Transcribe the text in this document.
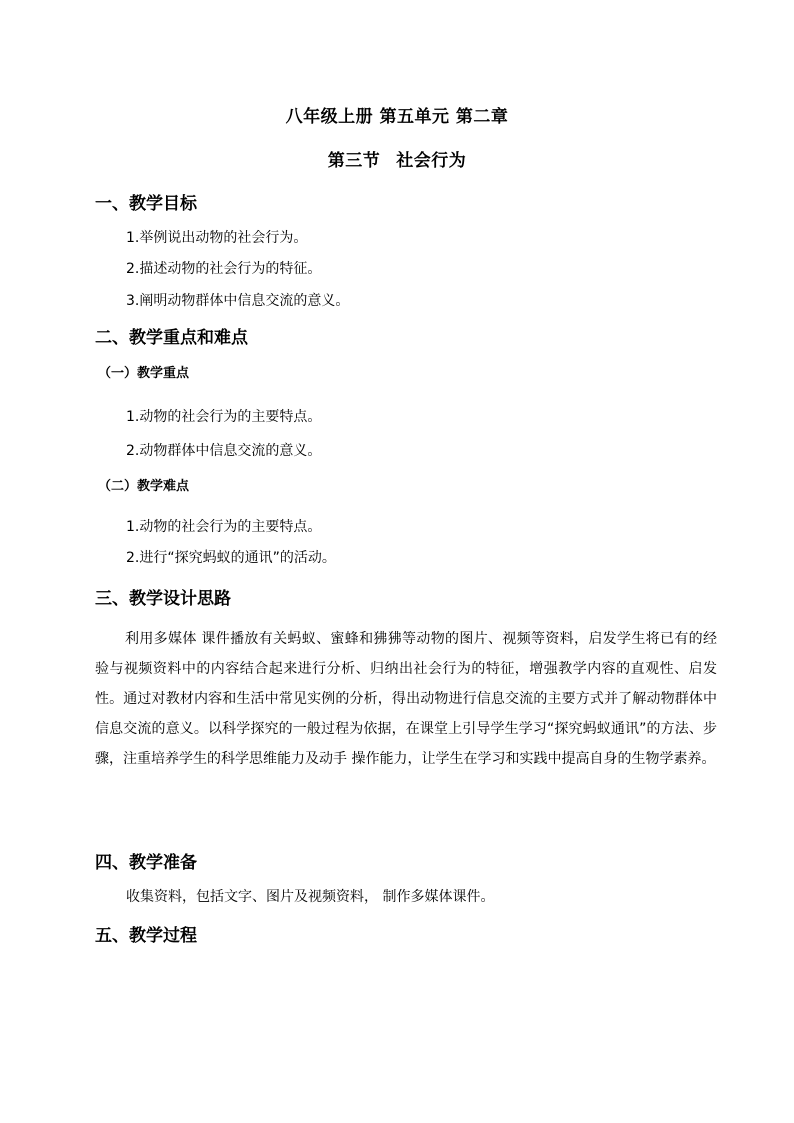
八年级上册 第五单元 第二章
第三节 社会行为
一、教学目标
1.举例说出动物的社会行为。
2.描述动物的社会行为的特征。
3.阐明动物群体中信息交流的意义。
二、教学重点和难点
（一）教学重点
1.动物的社会行为的主要特点。
2.动物群体中信息交流的意义。
（二）教学难点
1.动物的社会行为的主要特点。
2.进行“探究蚂蚁的通讯”的活动。
三、教学设计思路
利用多媒体 课件播放有关蚂蚁、蜜蜂和狒狒等动物的图片、视频等资料，启发学生将已有的经验与视频资料中的内容结合起来进行分析、归纳出社会行为的特征，增强教学内容的直观性、启发性。通过对教材内容和生活中常见实例的分析，得出动物进行信息交流的主要方式并了解动物群体中信息交流的意义。以科学探究的一般过程为依据，在课堂上引导学生学习“探究蚂蚁通讯”的方法、步骤，注重培养学生的科学思维能力及动手 操作能力，让学生在学习和实践中提高自身的生物学素养。
四、教学准备
收集资料，包括文字、图片及视频资料， 制作多媒体课件。
五、教学过程
